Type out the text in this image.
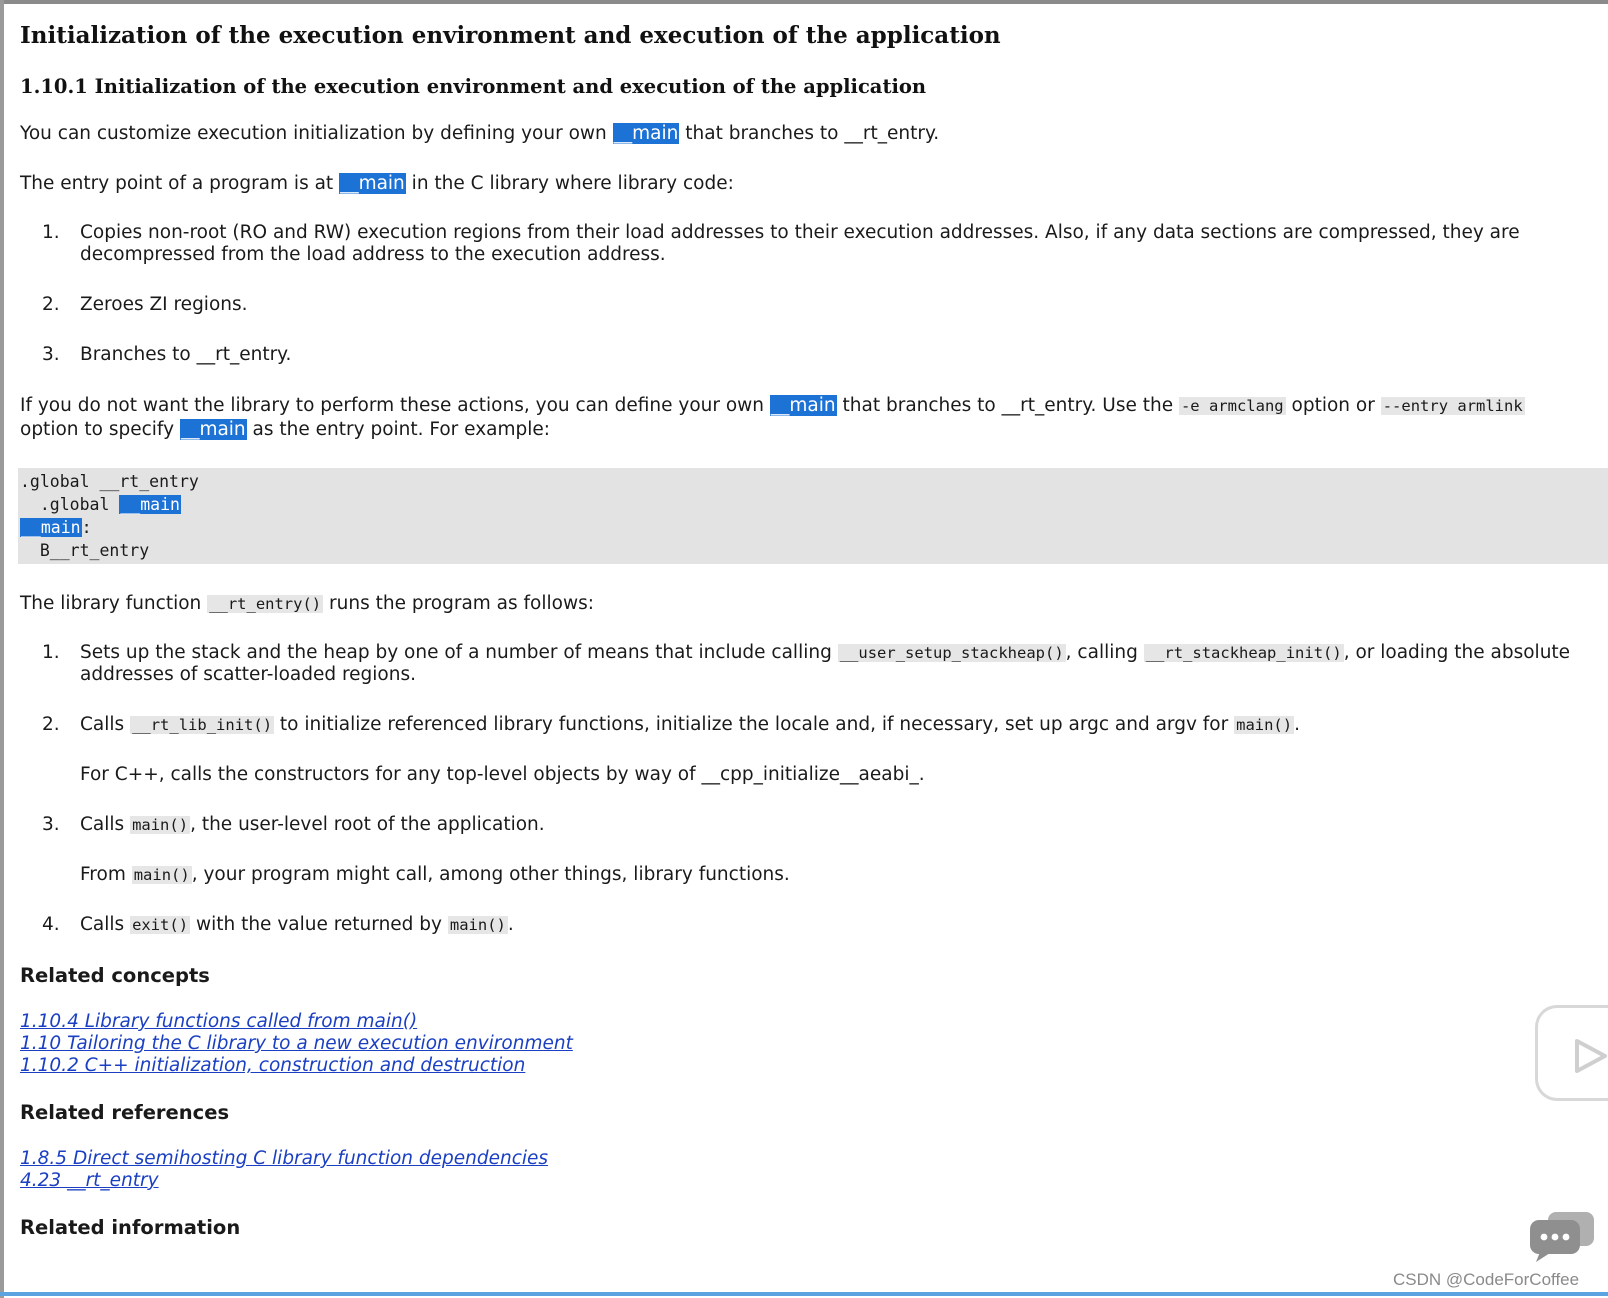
Initialization of the execution environment and execution of the application
1.10.1 Initialization of the execution environment and execution of the application

You can customize execution initialization by defining your own __main that branches to __rt_entry.

The entry point of a program is at __main in the C library where library code:

1. Copies non-root (RO and RW) execution regions from their load addresses to their execution addresses. Also, if any data sections are compressed, they are decompressed from the load address to the execution address.
2. Zeroes ZI regions.
3. Branches to __rt_entry.

If you do not want the library to perform these actions, you can define your own __main that branches to __rt_entry. Use the -e armclang option or --entry armlink
option to specify __main as the entry point. For example:

.global __rt_entry
.global __main
__main:
B__rt_entry

The library function __rt_entry() runs the program as follows:

1. Sets up the stack and the heap by one of a number of means that include calling __user_setup_stackheap() , calling __rt_stackheap_init() , or loading the absolute addresses of scatter-loaded regions.
2. Calls __rt_lib_init() to initialize referenced library functions, initialize the locale and, if necessary, set up argc and argv for main() .
For C++, calls the constructors for any top-level objects by way of __cpp_initialize__aeabi_.
3. Calls main() , the user-level root of the application.
From main() , your program might call, among other things, library functions.
4. Calls exit() with the value returned by main() .
Related concepts
1.10.4 Library functions called from main()
1.10 Tailoring the C library to a new execution environment
1.10.2 C++ initialization, construction and destruction
Related references
1.8.5 Direct semihosting C library function dependencies
4.23 __rt_entry
Related information
CSDN @CodeForCoffee
